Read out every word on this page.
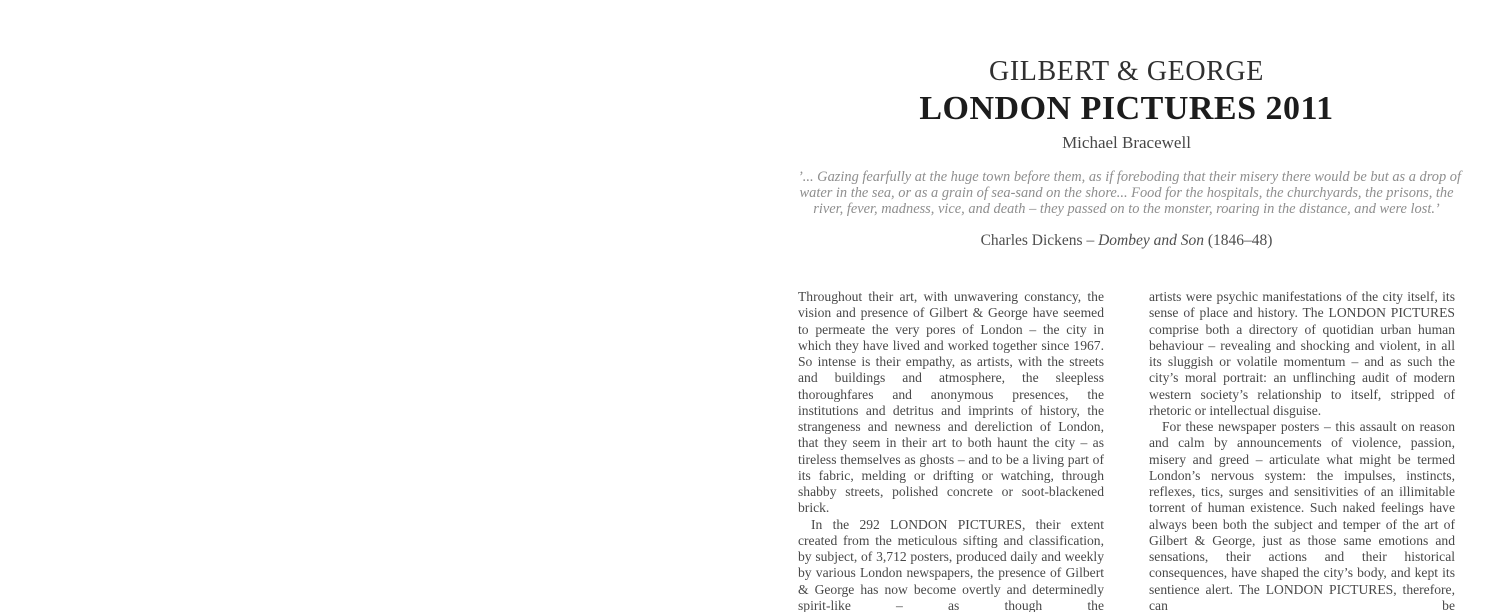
GILBERT & GEORGE
LONDON PICTURES 2011
Michael Bracewell
’... Gazing fearfully at the huge town before them, as if foreboding that their misery there would be but as a drop of
water in the sea, or as a grain of sea-sand on the shore... Food for the hospitals, the churchyards, the prisons, the
river, fever, madness, vice, and death – they passed on to the monster, roaring in the distance, and were lost.’
Charles Dickens – Dombey and Son (1846–48)

Throughout their art, with unwavering constancy, the vision and presence of Gilbert & George have seemed to permeate the very pores of London – the city in which they have lived and worked together since 1967. So intense is their empathy, as artists, with the streets and buildings and atmosphere, the sleepless thoroughfares and anonymous presences, the institutions and detritus and imprints of history, the strangeness and newness and dereliction of London, that they seem in their art to both haunt the city – as tireless themselves as ghosts – and to be a living part of its fabric, melding or drifting or watching, through shabby streets, polished concrete or soot-blackened brick.

In the 292 LONDON PICTURES, their extent created from the meticulous sifting and classification, by subject, of 3,712 posters, produced daily and weekly by various London newspapers, the presence of Gilbert & George has now become overtly and determinedly spirit-like – as though the

artists were psychic manifestations of the city itself, its sense of place and history. The LONDON PICTURES comprise both a directory of quotidian urban human behaviour – revealing and shocking and violent, in all its sluggish or volatile momentum – and as such the city’s moral portrait: an unflinching audit of modern western society’s relationship to itself, stripped of rhetoric or intellectual disguise.

For these newspaper posters – this assault on reason and calm by announcements of violence, passion, misery and greed – articulate what might be termed London’s nervous system: the impulses, instincts, reflexes, tics, surges and sensitivities of an illimitable torrent of human existence. Such naked feelings have always been both the subject and temper of the art of Gilbert & George, just as those same emotions and sensations, their actions and their historical consequences, have shaped the city’s body, and kept its sentience alert. The LONDON PICTURES, therefore, can be
